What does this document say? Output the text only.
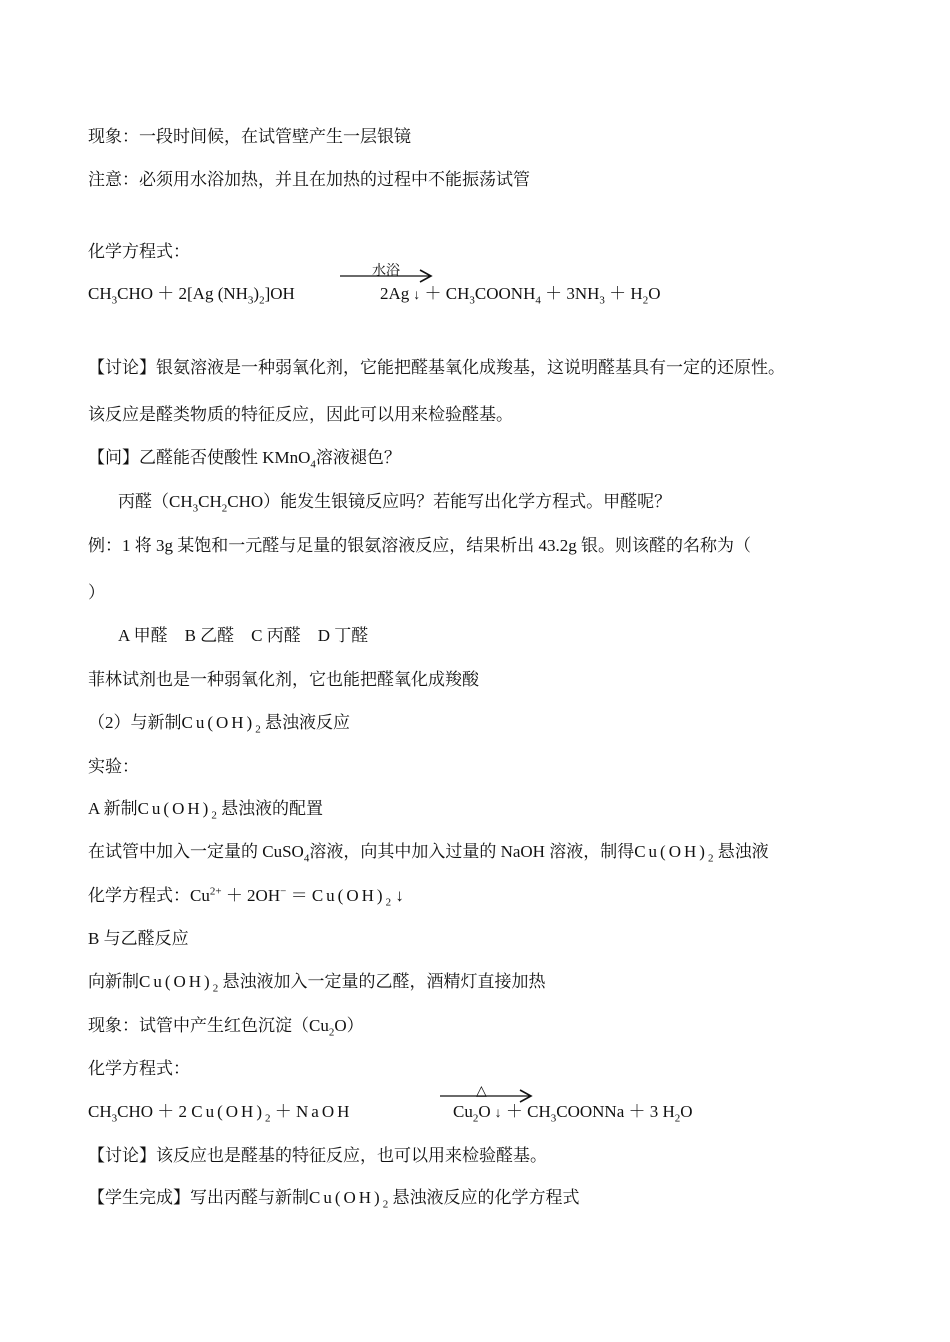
现象：一段时间候，在试管壁产生一层银镜
注意：必须用水浴加热，并且在加热的过程中不能振荡试管
化学方程式：
$CH_3CHO + 2[Ag$ $(NH_3)_2]OH$
水浴
2Ag ↓ ＋ $CH_3COONH_4 + 3NH_3 + H_2O$
【讨论】银氨溶液是一种弱氧化剂，它能把醛基氧化成羧基，这说明醛基具有一定的还原性。
该反应是醛类物质的特征反应，因此可以用来检验醛基。
【问】乙醛能否使酸性 KMnO$_4$溶液褪色？
丙醛$(CH_3CH_2CHO)$能发生银镜反应吗？若能写出化学方程式。甲醛呢？
例：1 将 3g 某饱和一元醛与足量的银氨溶液反应，结果析出 43.2g 银。则该醛的名称为（
）
A 甲醛    B 乙醛    C 丙醛    D 丁醛
菲林试剂也是一种弱氧化剂，它也能把醛氧化成羧酸
（2）与新制$Cu(OH)_2$ 悬浊液反应
实验：
A 新制$Cu(OH)_2$ 悬浊液的配置
在试管中加入一定量的 CuSO$_4$溶液，向其中加入过量的 NaOH 溶液，制得$Cu(OH)_2$ 悬浊液
化学方程式：$Cu^{2+} + 2OH^- = Cu(OH)_2$ ↓
B 与乙醛反应
向新制$Cu(OH)_2$ 悬浊液加入一定量的乙醛，酒精灯直接加热
现象：试管中产生红色沉淀$(Cu_2O)$
化学方程式：
$CH_3CHO + 2$ $Cu(OH)_2$ ＋ NaOH
△
$Cu_2O$ ↓ ＋ $CH_3COONNa + 3$ $H_2O$
【讨论】该反应也是醛基的特征反应，也可以用来检验醛基。
【学生完成】写出丙醛与新制$Cu(OH)_2$ 悬浊液反应的化学方程式
